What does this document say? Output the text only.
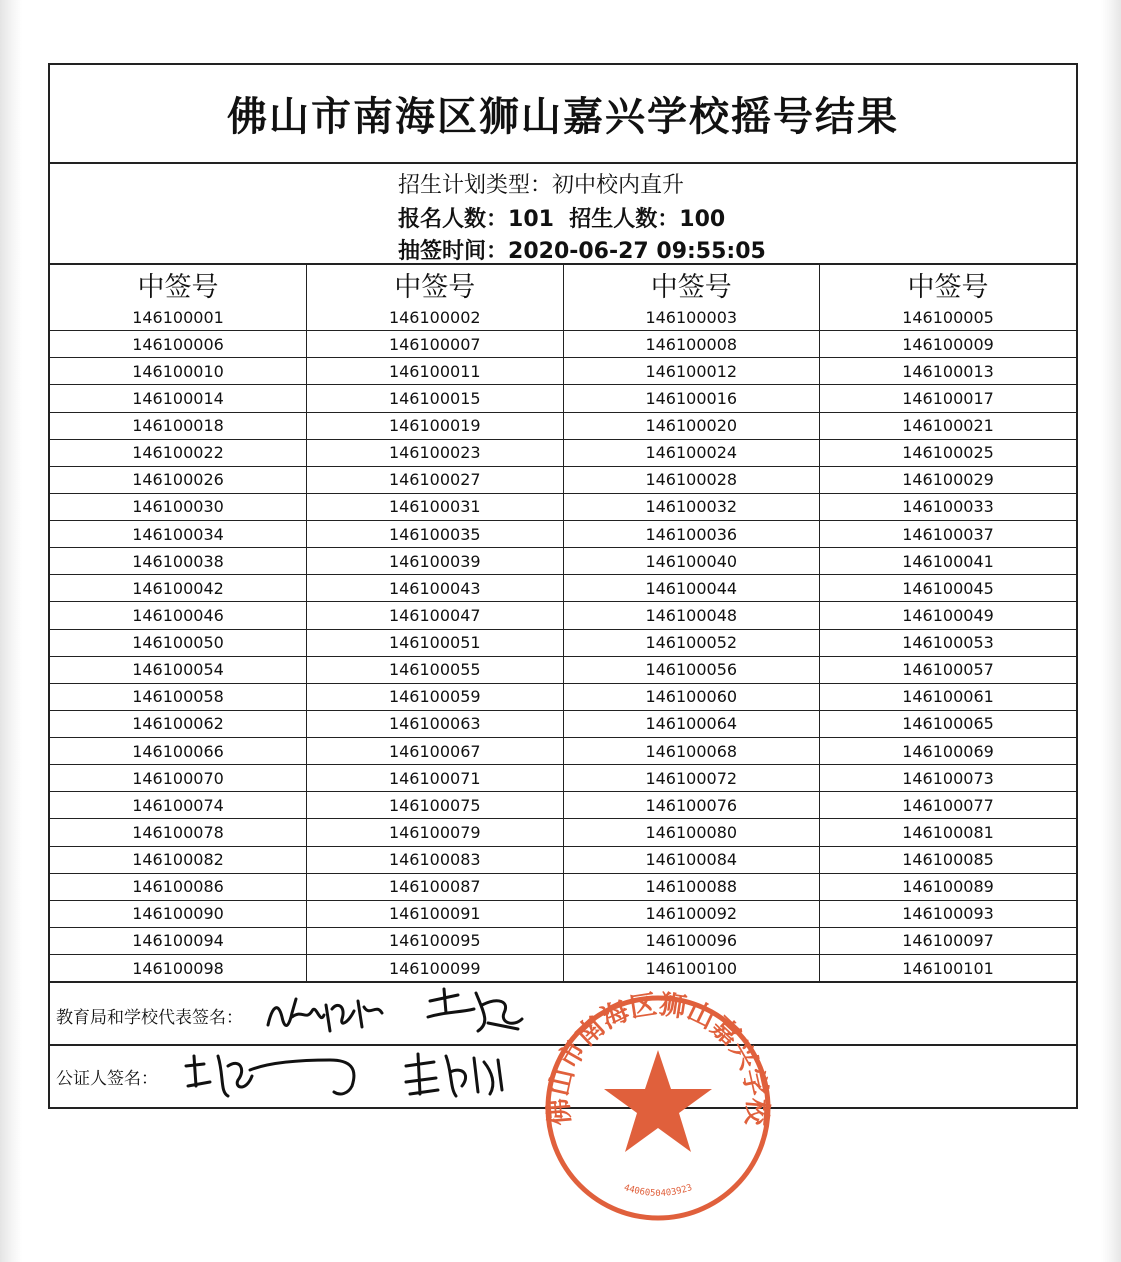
佛山市南海区狮山嘉兴学校摇号结果
招生计划类型：初中校内直升
报名人数：101 招生人数：100
抽签时间：2020-06-27 09:55:05
中签号	中签号	中签号	中签号
146100001	146100002	146100003	146100005
146100006	146100007	146100008	146100009
146100010	146100011	146100012	146100013
146100014	146100015	146100016	146100017
146100018	146100019	146100020	146100021
146100022	146100023	146100024	146100025
146100026	146100027	146100028	146100029
146100030	146100031	146100032	146100033
146100034	146100035	146100036	146100037
146100038	146100039	146100040	146100041
146100042	146100043	146100044	146100045
146100046	146100047	146100048	146100049
146100050	146100051	146100052	146100053
146100054	146100055	146100056	146100057
146100058	146100059	146100060	146100061
146100062	146100063	146100064	146100065
146100066	146100067	146100068	146100069
146100070	146100071	146100072	146100073
146100074	146100075	146100076	146100077
146100078	146100079	146100080	146100081
146100082	146100083	146100084	146100085
146100086	146100087	146100088	146100089
146100090	146100091	146100092	146100093
146100094	146100095	146100096	146100097
146100098	146100099	146100100	146100101
教育局和学校代表签名：
公证人签名：
佛山市南海区狮山嘉兴学校
4406050403923
